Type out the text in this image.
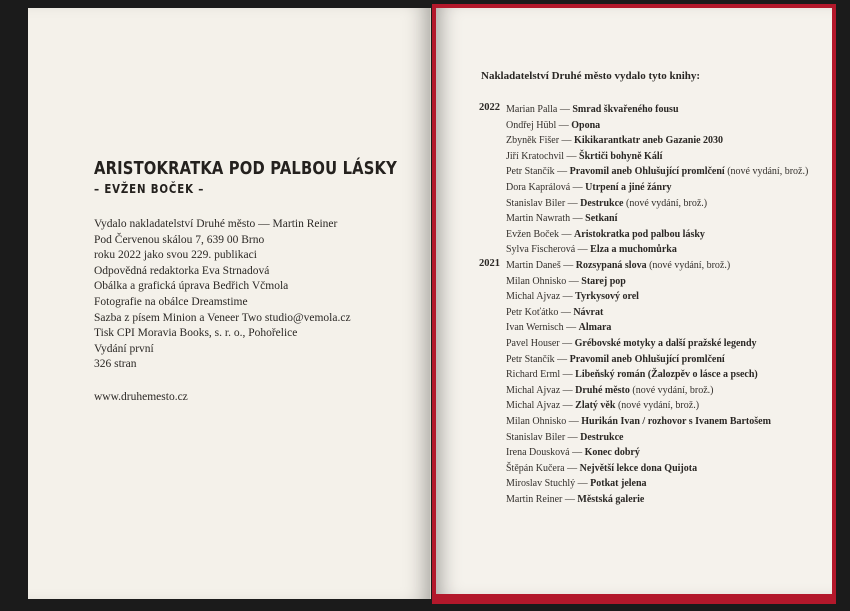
ARISTOKRATKA POD PALBOU LÁSKY

– EVŽEN BOČEK –

Vydalo nakladatelství Druhé město — Martin Reiner
Pod Červenou skálou 7, 639 00 Brno
roku 2022 jako svou 229. publikaci
Odpovědná redaktorka Eva Strnadová
Obálka a grafická úprava Bedřich Včmola
Fotografie na obálce Dreamstime
Sazba z písem Minion a Veneer Two studio@vemola.cz
Tisk CPI Moravia Books, s. r. o., Pohořelice
Vydání první
326 stran
www.druhemesto.cz
Nakladatelství Druhé město vydalo tyto knihy:
2022 Marian Palla — Smrad škvařeného fousu
Ondřej Hübl — Opona
Zbyněk Fišer — Kikikarantkatr aneb Gazanie 2030
Jiří Kratochvil — Škrtiči bohyně Kálí
Petr Stančík — Pravomil aneb Ohlušující promlčení (nové vydání, brož.)
Dora Kaprálová — Utrpení a jiné žánry
Stanislav Biler — Destrukce (nové vydání, brož.)
Martin Nawrath — Setkaní
Evžen Boček — Aristokratka pod palbou lásky
Sylva Fischerová — Elza a muchomůrka
2021 Martin Daneš — Rozsypaná slova (nové vydání, brož.)
Milan Ohnisko — Starej pop
Michal Ajvaz — Tyrkysový orel
Petr Koťátko — Návrat
Ivan Wernisch — Almara
Pavel Houser — Grébovské motyky a další pražské legendy
Petr Stančík — Pravomil aneb Ohlušující promlčení
Richard Erml — Libeňský román (Žalozpěv o lásce a psech)
Michal Ajvaz — Druhé město (nové vydání, brož.)
Michal Ajvaz — Zlatý věk (nové vydání, brož.)
Milan Ohnisko — Hurikán Ivan / rozhovor s Ivanem Bartošem
Stanislav Biler — Destrukce
Irena Dousková — Konec dobrý
Štěpán Kučera — Největší lekce dona Quijota
Miroslav Stuchlý — Potkat jelena
Martin Reiner — Městská galerie
